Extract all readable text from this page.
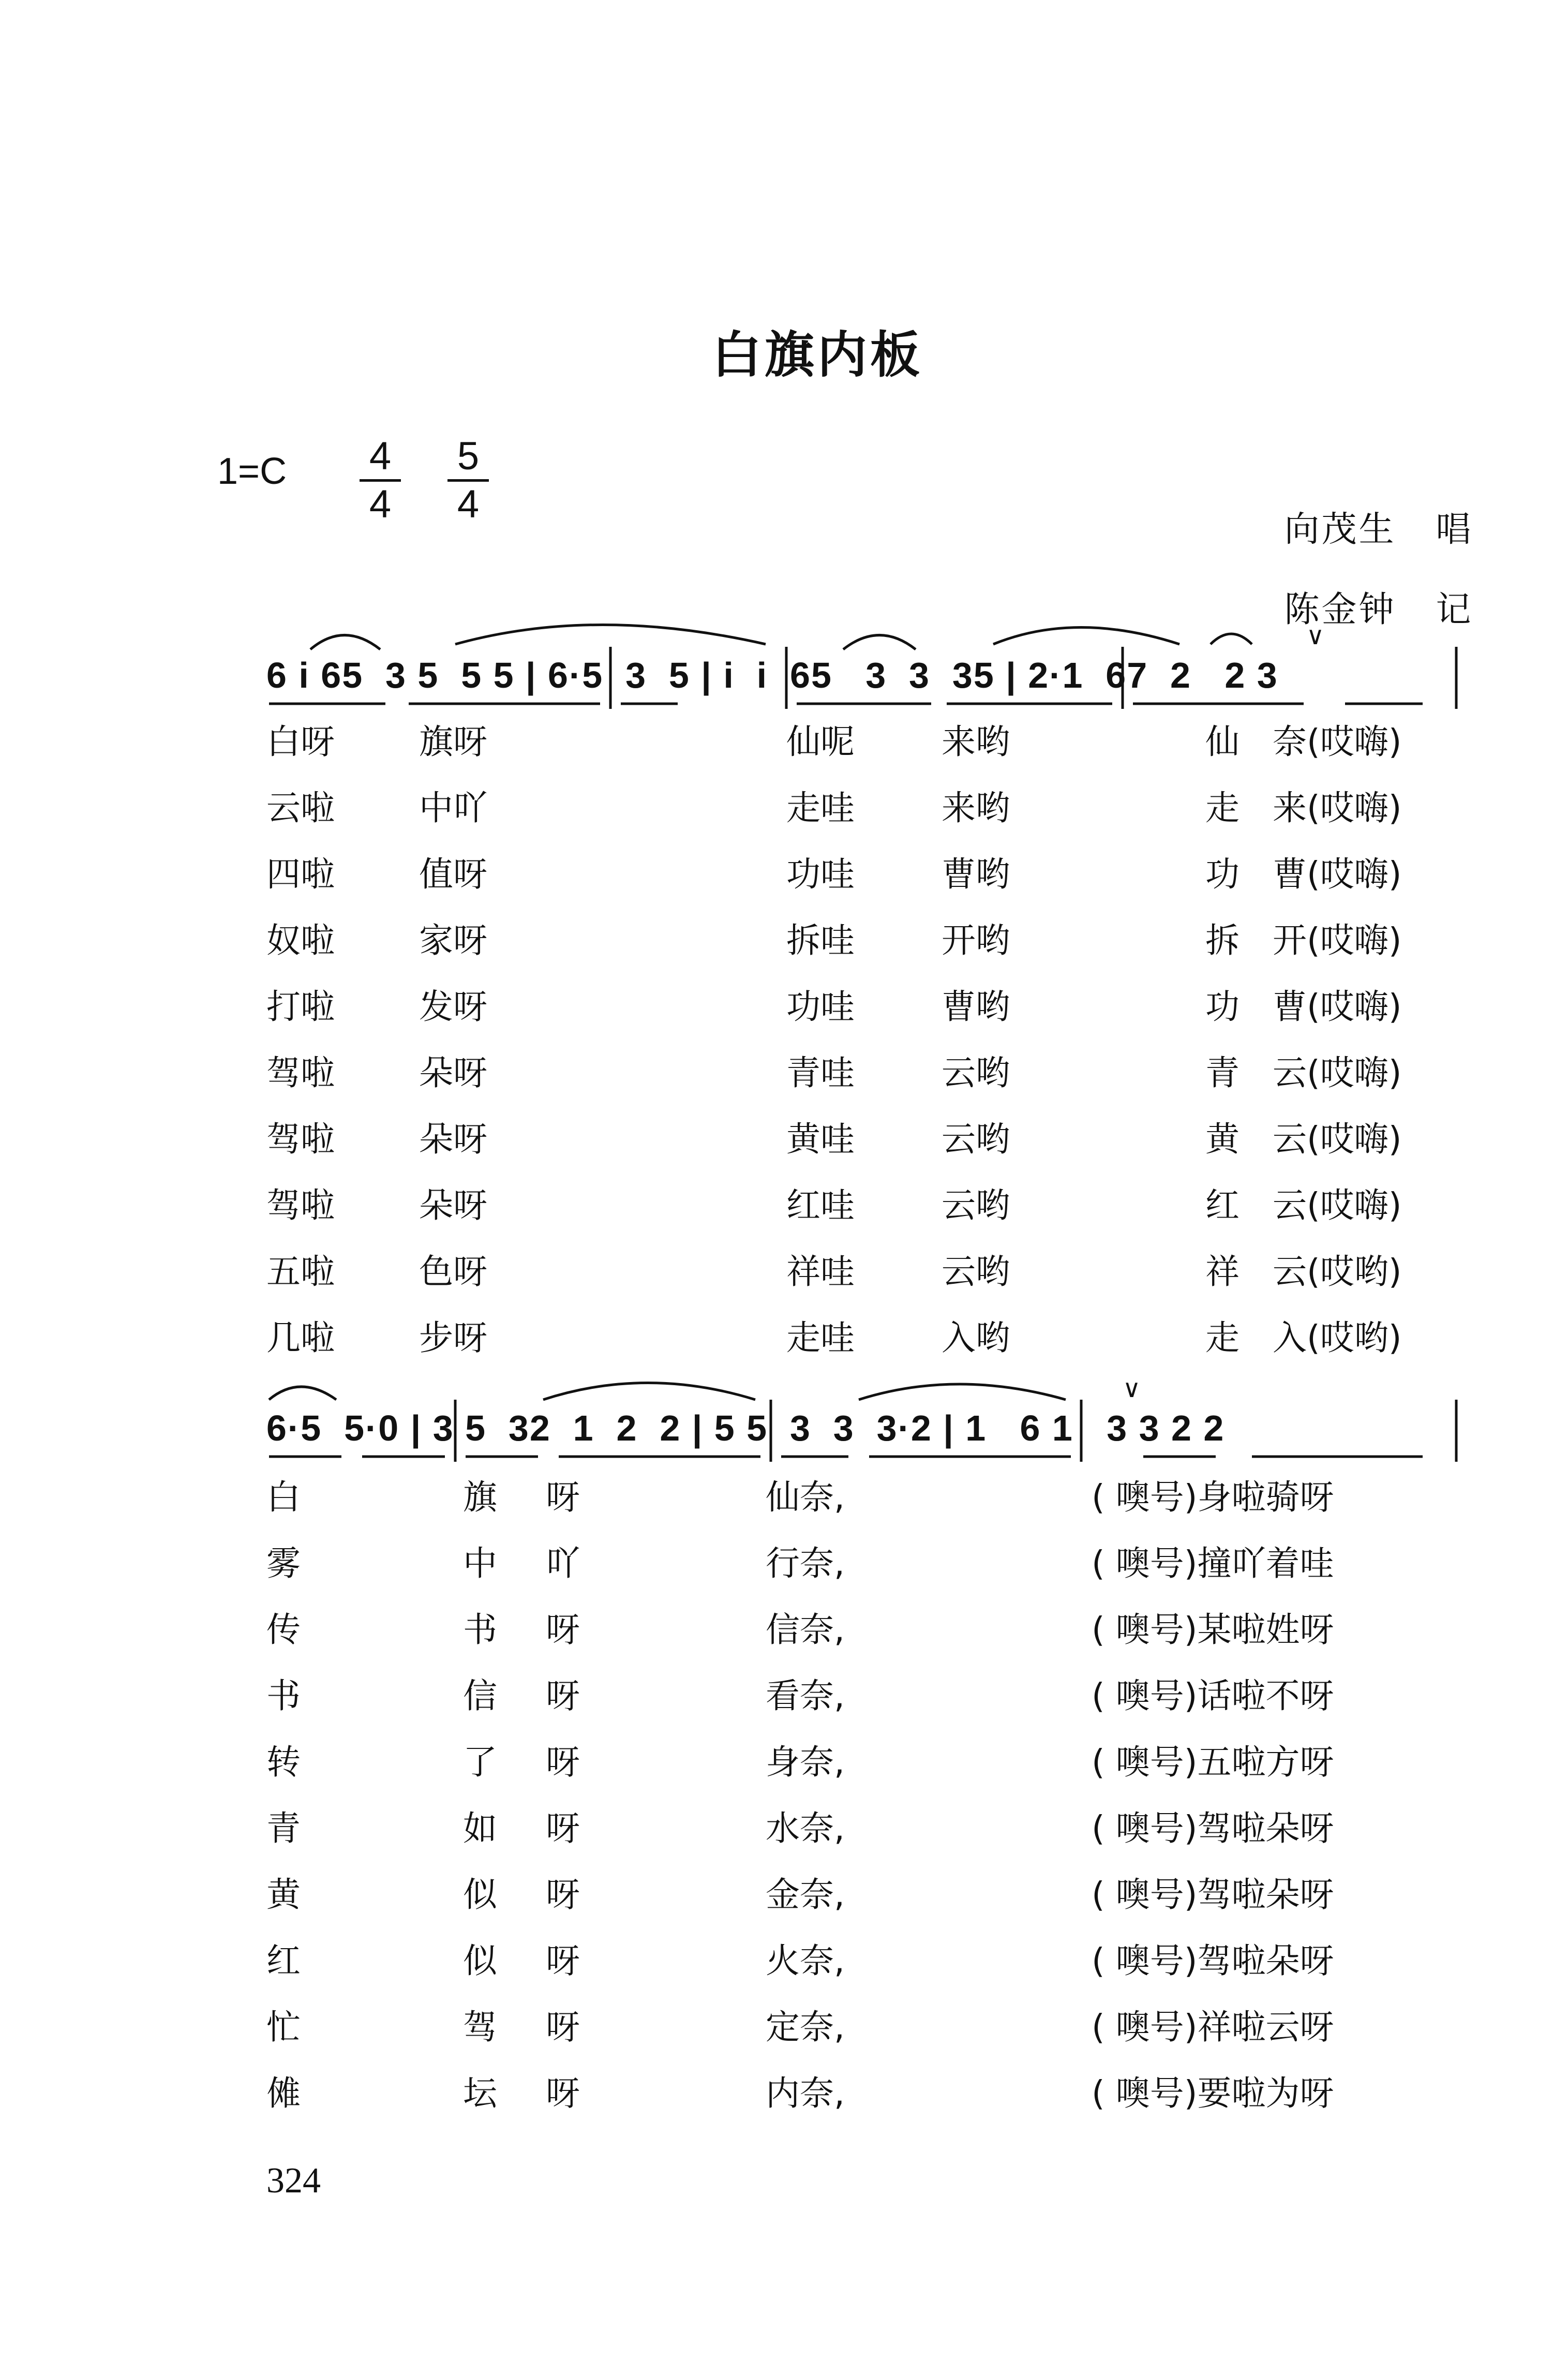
白旗内板
$1=C \frac{4}{4} \frac{5}{4}$

向茂生 唱

陈金钟 记

6 i 65  3 5  5 5 | 6·5  3  5 | i  i  65   3  3  35 | 2·1  67  2   2 3
白呀 旗呀	仙呢	来哟	仙 奈(哎嗨)
云啦 中吖	走哇	来哟	走 来(哎嗨)
四啦 值呀	功哇	曹哟	功 曹(哎嗨)
奴啦 家呀	拆哇	开哟	拆 开(哎嗨)
打啦 发呀	功哇	曹哟	功 曹(哎嗨)
驾啦 朵呀	青哇	云哟	青 云(哎嗨)
驾啦 朵呀	黄哇	云哟	黄 云(哎嗨)
驾啦 朵呀	红哇	云哟	红 云(哎嗨)
五啦 色呀	祥哇	云哟	祥 云(哎哟)
几啦 步呀	走哇	入哟	走 入(哎哟)
6·5  5·0 | 3 5  32  1  2  2 | 5 5  3  3  3·2 | 1   6 1   3 3 2 2
白	旗 呀	仙奈,	( 噢号)身啦骑呀
雾	中 吖	行奈,	( 噢号)撞吖着哇
传	书 呀	信奈,	( 噢号)某啦姓呀
书	信 呀	看奈,	( 噢号)话啦不呀
转	了 呀	身奈,	( 噢号)五啦方呀
青	如 呀	水奈,	( 噢号)驾啦朵呀
黄	似 呀	金奈,	( 噢号)驾啦朵呀
红	似 呀	火奈,	( 噢号)驾啦朵呀
忙	驾 呀	定奈,	( 噢号)祥啦云呀
傩	坛 呀	内奈,	( 噢号)要啦为呀
324
∨
∨
